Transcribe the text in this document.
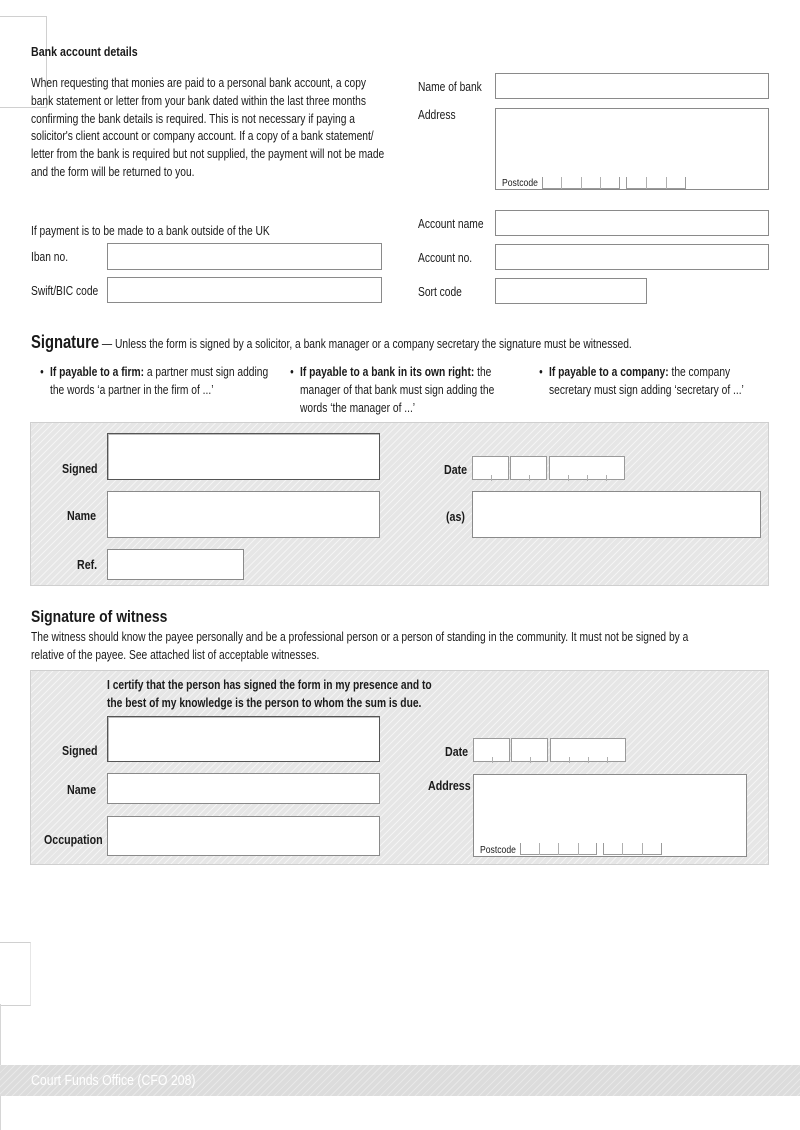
Bank account details
When requesting that monies are paid to a personal bank account, a copy
bank statement or letter from your bank dated within the last three months
confirming the bank details is required. This is not necessary if paying a
solicitor's client account or company account. If a copy of a bank statement/
letter from the bank is required but not supplied, the payment will not be made
and the form will be returned to you.
Name of bank
Address
Postcode
If payment is to be made to a bank outside of the UK
Iban no.
Swift/BIC code
Account name
Account no.
Sort code
Signature — Unless the form is signed by a solicitor, a bank manager or a company secretary the signature must be witnessed.
• If payable to a firm: a partner must sign adding
the words ‘a partner in the firm of ...’
• If payable to a bank in its own right: the
manager of that bank must sign adding the
words ‘the manager of ...’
• If payable to a company: the company
secretary must sign adding ‘secretary of ...’
Signed
Name
Ref.
Date
(as)
Signature of witness
The witness should know the payee personally and be a professional person or a person of standing in the community. It must not be signed by a
relative of the payee. See attached list of acceptable witnesses.
I certify that the person has signed the form in my presence and to
the best of my knowledge is the person to whom the sum is due.
Signed
Name
Occupation
Date
Address
Postcode
Court Funds Office (CFO 208)
